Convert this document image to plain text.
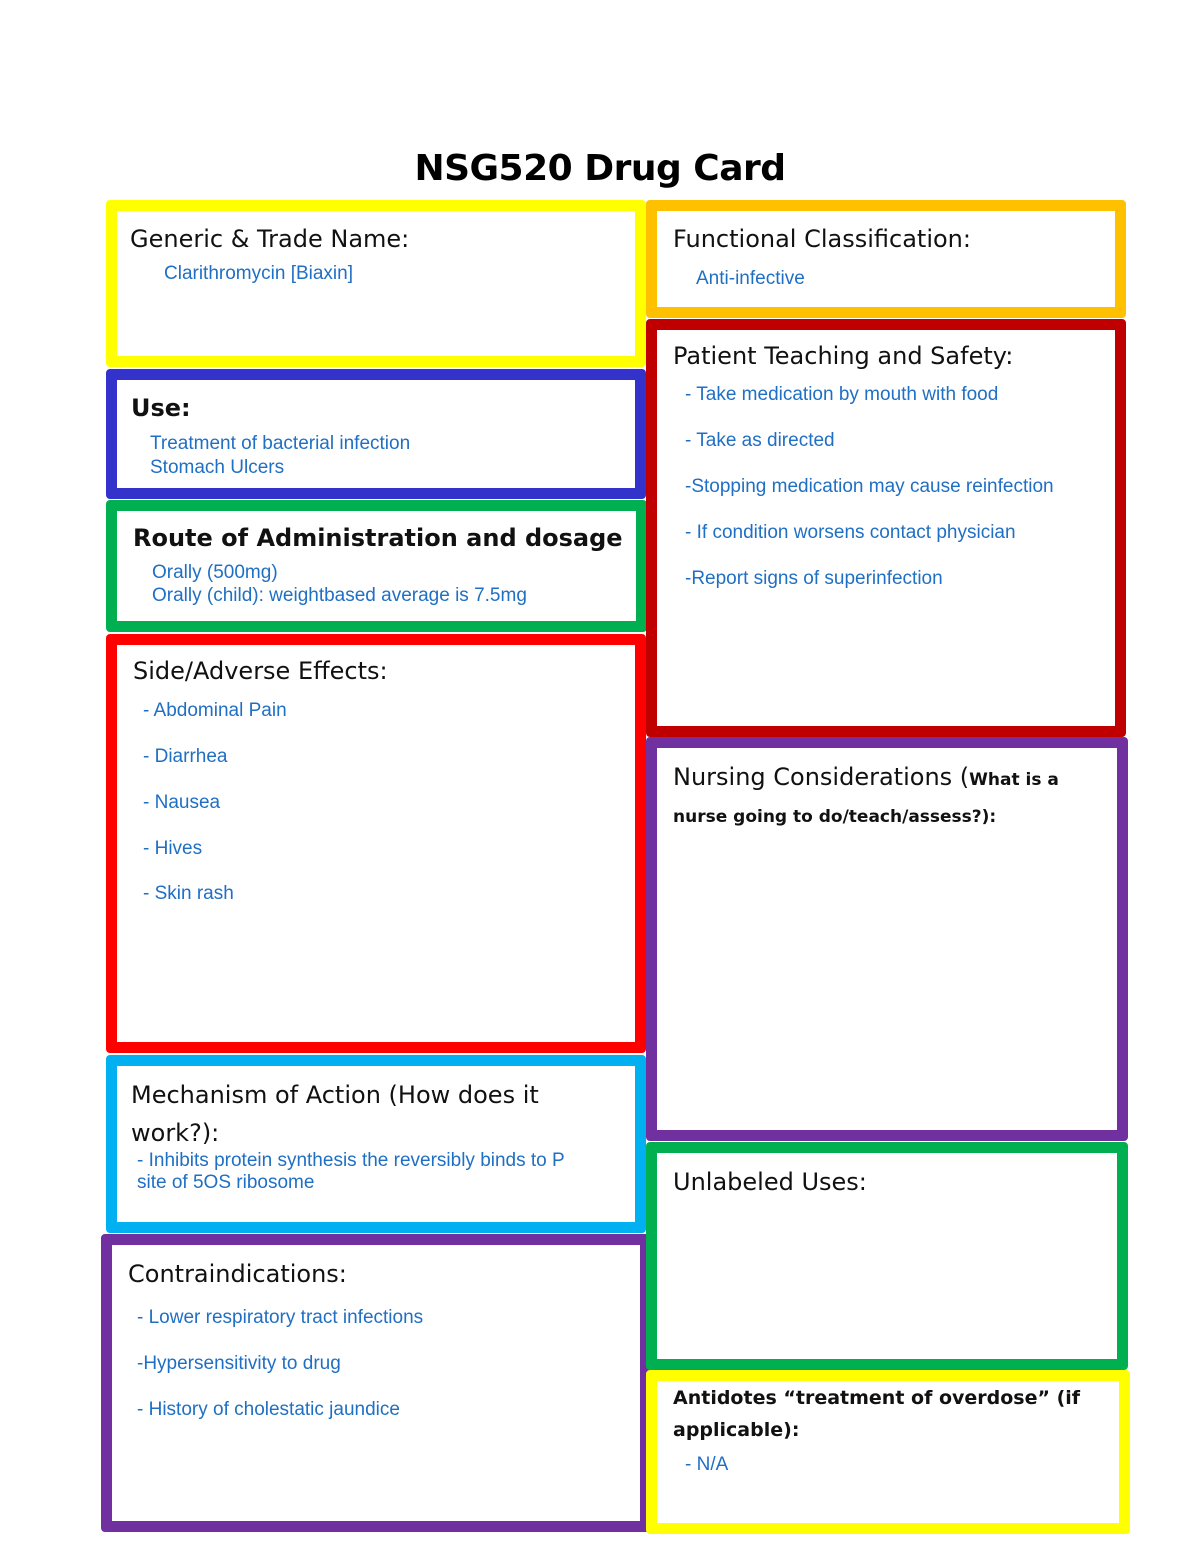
NSG520 Drug Card
Generic & Trade Name:
Clarithromycin [Biaxin]
Use:
Treatment of bacterial infection
Stomach Ulcers
Route of Administration and dosage
Orally (500mg)
Orally (child): weightbased average is 7.5mg
Side/Adverse Effects:
- Abdominal Pain
- Diarrhea
- Nausea
- Hives
- Skin rash
Mechanism of Action (How does it
work?):
- Inhibits protein synthesis the reversibly binds to P
site of 5OS ribosome
Contraindications:
- Lower respiratory tract infections
-Hypersensitivity to drug
- History of cholestatic jaundice
Functional Classification:
Anti-infective
Patient Teaching and Safety:
- Take medication by mouth with food
- Take as directed
-Stopping medication may cause reinfection
- If condition worsens contact physician
-Report signs of superinfection
Nursing Considerations (What is a
nurse going to do/teach/assess?):
Unlabeled Uses:
Antidotes “treatment of overdose” (if
applicable):
- N/A
